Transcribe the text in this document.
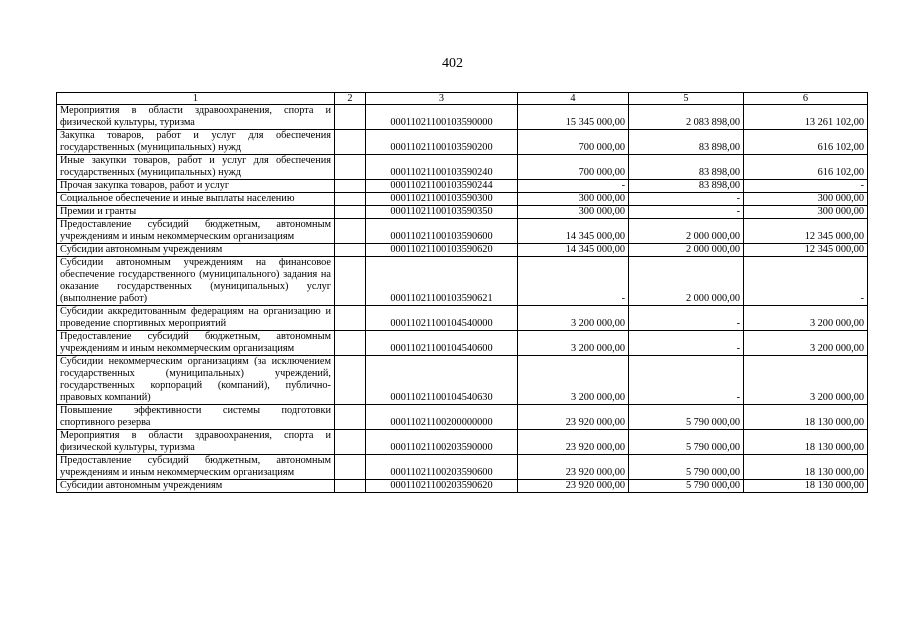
402
1	2	3	4	5	6
Мероприятия в области здравоохранения, спорта и физической культуры, туризма		00011021100103590000	15 345 000,00	2 083 898,00	13 261 102,00
Закупка товаров, работ и услуг для обеспечения государственных (муниципальных) нужд		00011021100103590200	700 000,00	83 898,00	616 102,00
Иные закупки товаров, работ и услуг для обеспечения государственных (муниципальных) нужд		00011021100103590240	700 000,00	83 898,00	616 102,00
Прочая закупка товаров, работ и услуг		00011021100103590244	-	83 898,00	-
Социальное обеспечение и иные выплаты населению		00011021100103590300	300 000,00	-	300 000,00
Премии и гранты		00011021100103590350	300 000,00	-	300 000,00
Предоставление субсидий бюджетным, автономным учреждениям и иным некоммерческим организациям		00011021100103590600	14 345 000,00	2 000 000,00	12 345 000,00
Субсидии автономным учреждениям		00011021100103590620	14 345 000,00	2 000 000,00	12 345 000,00
Субсидии автономным учреждениям на финансовое обеспечение государственного (муниципального) задания на оказание государственных (муниципальных) услуг (выполнение работ)		00011021100103590621	-	2 000 000,00	-
Субсидии аккредитованным федерациям на организацию и проведение спортивных мероприятий		00011021100104540000	3 200 000,00	-	3 200 000,00
Предоставление субсидий бюджетным, автономным учреждениям и иным некоммерческим организациям		00011021100104540600	3 200 000,00	-	3 200 000,00
Субсидии некоммерческим организациям (за исключением государственных (муниципальных) учреждений, государственных корпораций (компаний), публично-правовых компаний)		00011021100104540630	3 200 000,00	-	3 200 000,00
Повышение эффективности системы подготовки спортивного резерва		00011021100200000000	23 920 000,00	5 790 000,00	18 130 000,00
Мероприятия в области здравоохранения, спорта и физической культуры, туризма		00011021100203590000	23 920 000,00	5 790 000,00	18 130 000,00
Предоставление субсидий бюджетным, автономным учреждениям и иным некоммерческим организациям		00011021100203590600	23 920 000,00	5 790 000,00	18 130 000,00
Субсидии автономным учреждениям		00011021100203590620	23 920 000,00	5 790 000,00	18 130 000,00
